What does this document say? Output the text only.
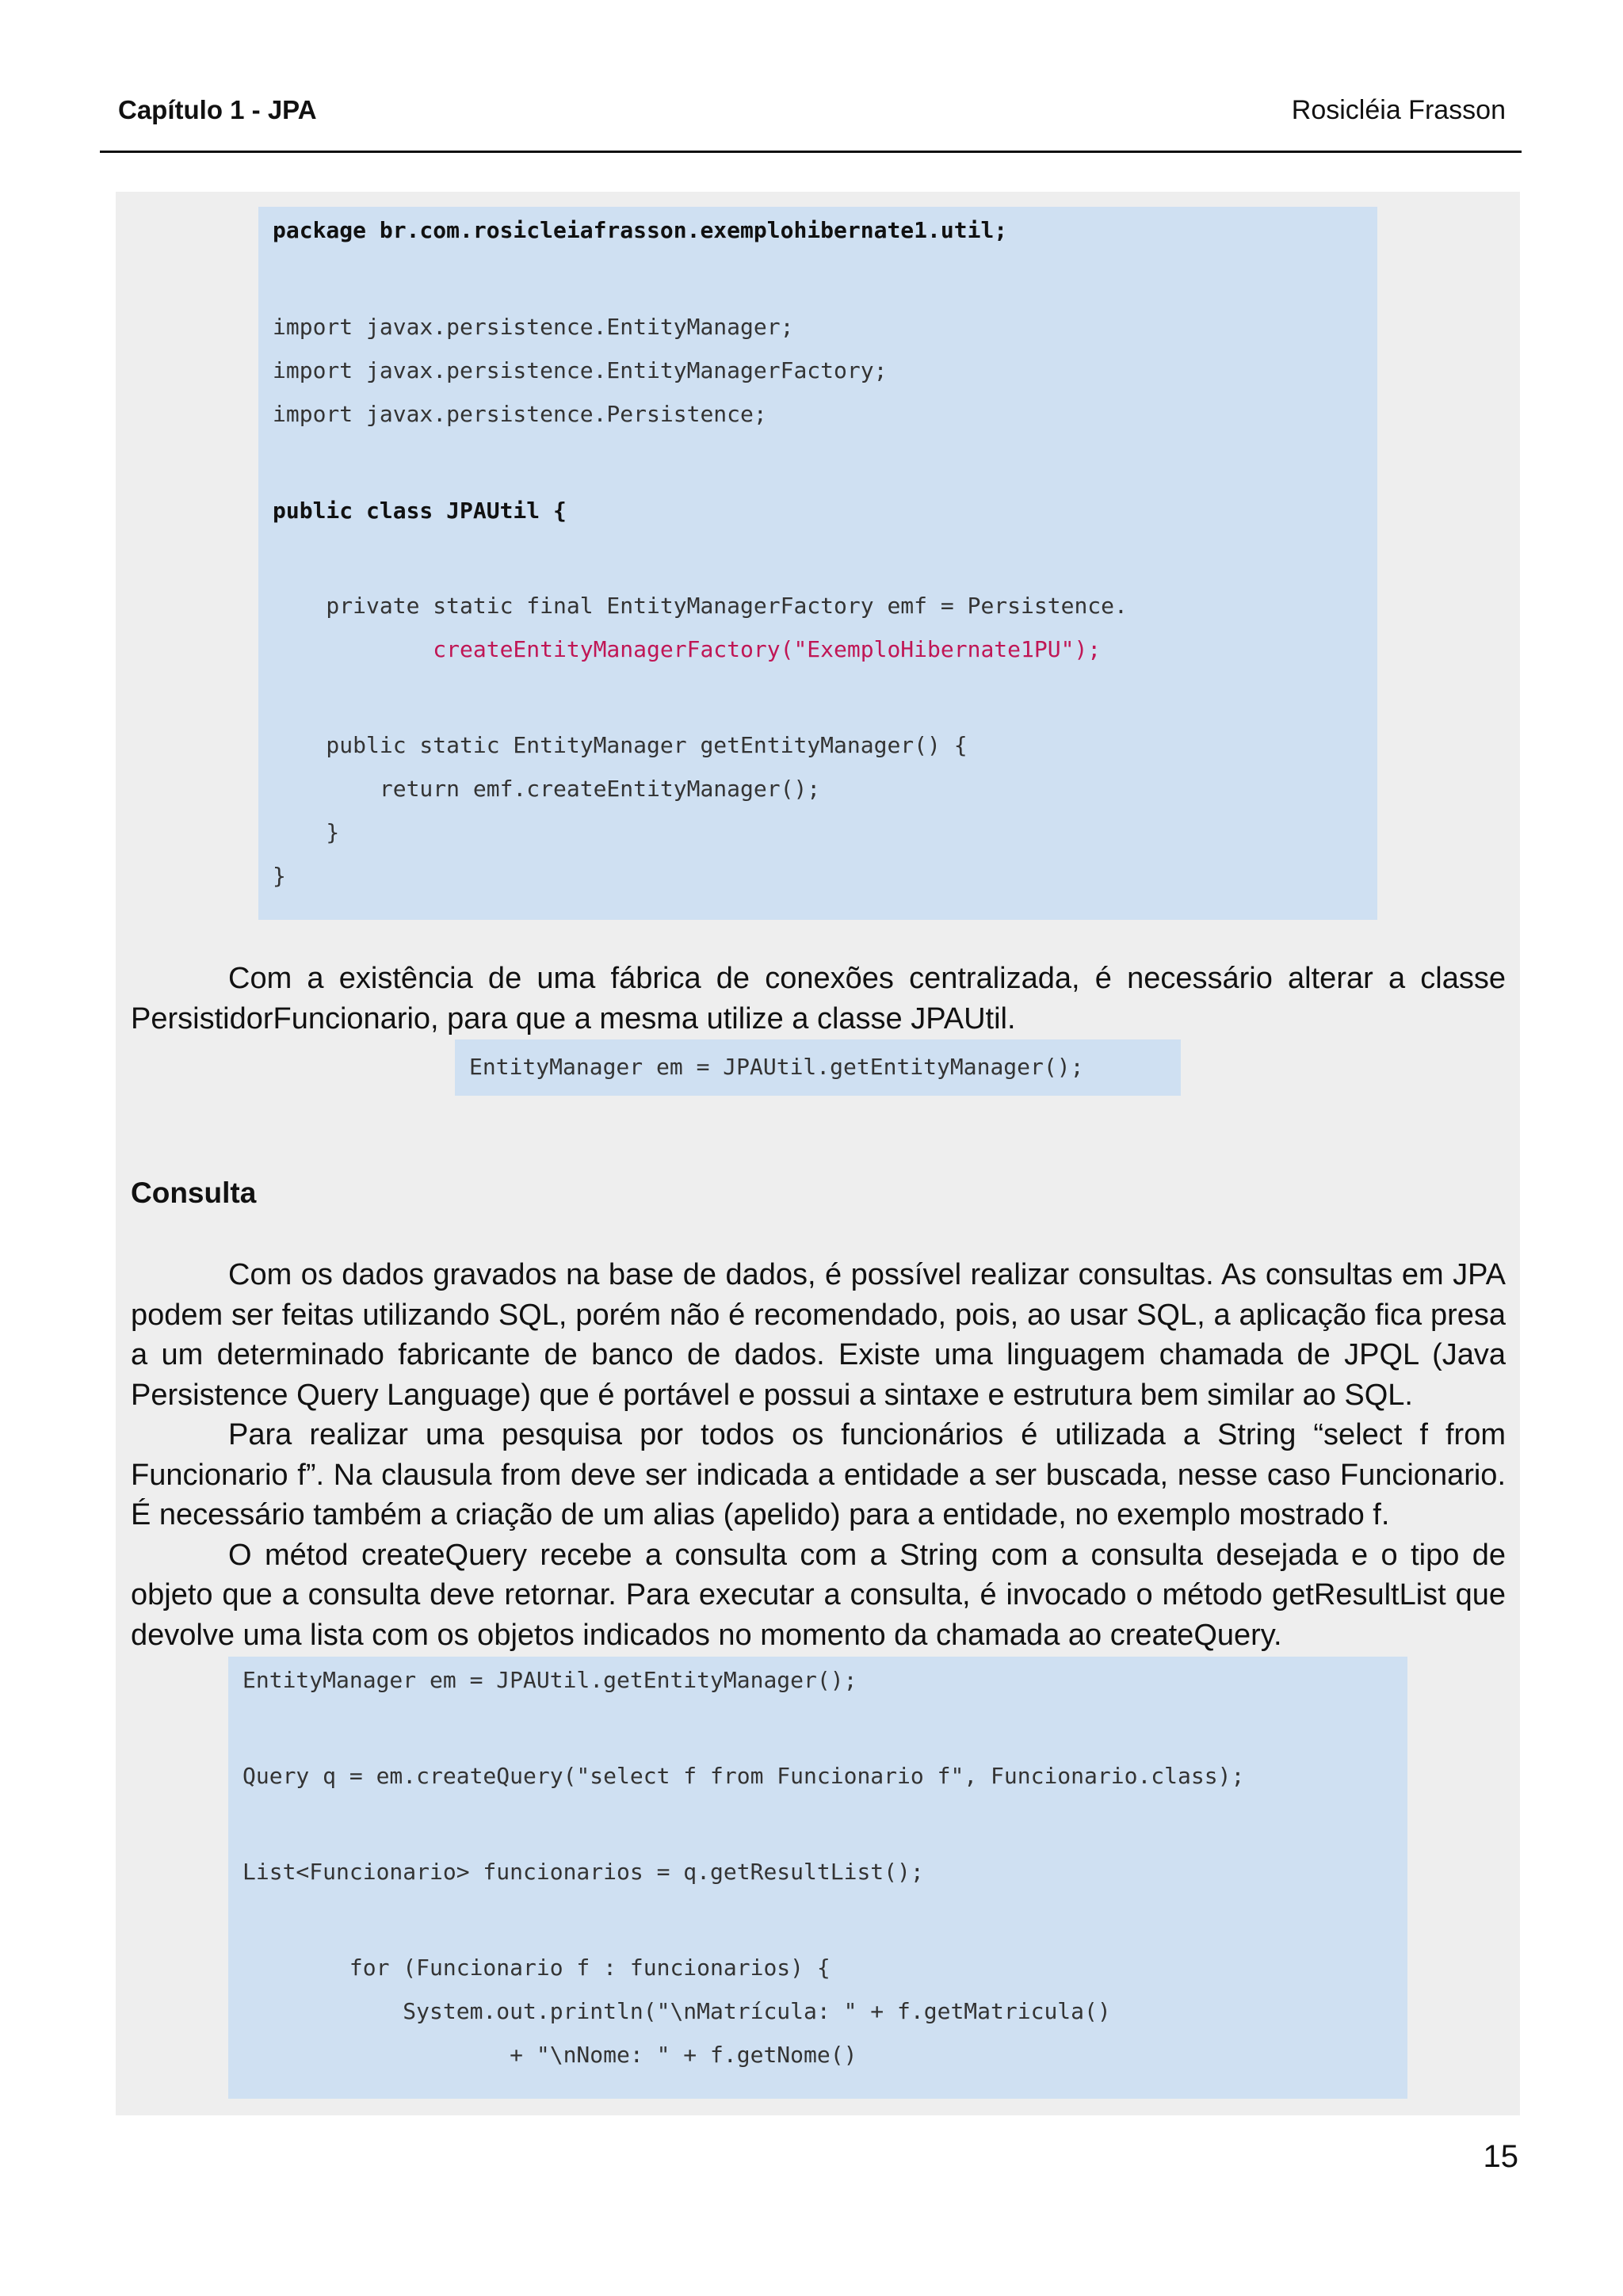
Capítulo 1 - JPA	Rosicléia Frasson
package br.com.rosicleiafrasson.exemplohibernate1.util;
import javax.persistence.EntityManager;
import javax.persistence.EntityManagerFactory;
import javax.persistence.Persistence;
public class JPAUtil {
private static final EntityManagerFactory emf = Persistence.
createEntityManagerFactory("ExemploHibernate1PU");
public static EntityManager getEntityManager() {
return emf.createEntityManager();
}
}
Com a existência de uma fábrica de conexões centralizada, é necessário alterar a classe PersistidorFuncionario, para que a mesma utilize a classe JPAUtil.
EntityManager em = JPAUtil.getEntityManager();
Consulta
Com os dados gravados na base de dados, é possível realizar consultas. As consultas em JPA podem ser feitas utilizando SQL, porém não é recomendado, pois, ao usar SQL, a aplicação fica presa a um determinado fabricante de banco de dados. Existe uma linguagem chamada de JPQL (Java Persistence Query Language) que é portável e possui a sintaxe e estrutura bem similar ao SQL.
Para realizar uma pesquisa por todos os funcionários é utilizada a String “select f from Funcionario f”. Na clausula from deve ser indicada a entidade a ser buscada, nesse caso Funcionario. É necessário também a criação de um alias (apelido) para a entidade, no exemplo mostrado f.
O métod createQuery recebe a consulta com a String com a consulta desejada e o tipo de objeto que a consulta deve retornar. Para executar a consulta, é invocado o método getResultList que devolve uma lista com os objetos indicados no momento da chamada ao createQuery.
EntityManager em = JPAUtil.getEntityManager();
Query q = em.createQuery("select f from Funcionario f", Funcionario.class);
List<Funcionario> funcionarios = q.getResultList();
for (Funcionario f : funcionarios) {
System.out.println("\nMatrícula: " + f.getMatricula()
+ "\nNome: " + f.getNome()
15
